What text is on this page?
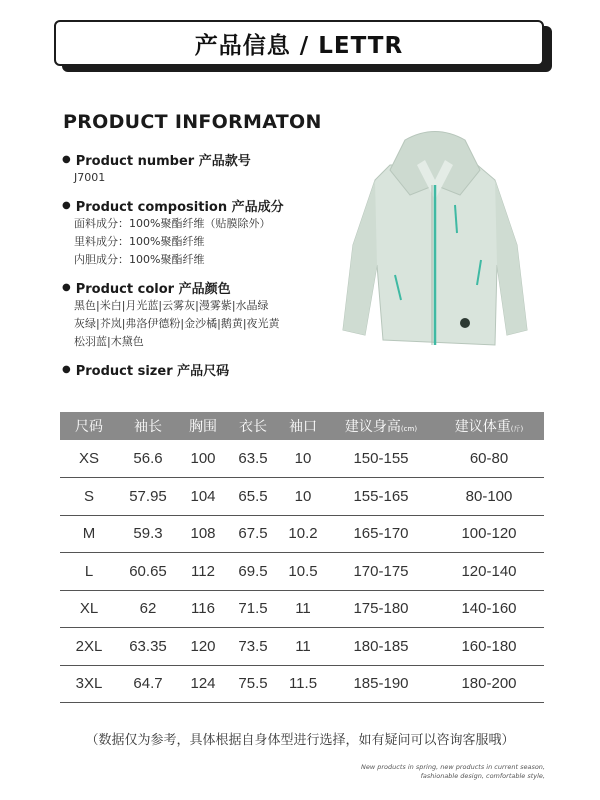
产品信息 / LETTR
PRODUCT INFORMATON
● Product number 产品款号
J7001
● Product composition 产品成分
面料成分：100%聚酯纤维（贴膜除外）
里料成分：100%聚酯纤维
内胆成分：100%聚酯纤维
● Product color 产品颜色
黑色|米白|月光蓝|云雾灰|漫雾紫|水晶绿
灰绿|芥岚|弗洛伊德粉|金沙橘|鹅黄|夜光黄
松羽蓝|木黛色
● Product sizer 产品尺码
尺码	袖长	胸围	衣长	袖口	建议身高(cm)	建议体重(斤)
XS	56.6	100	63.5	10	150-155	60-80
S	57.95	104	65.5	10	155-165	80-100
M	59.3	108	67.5	10.2	165-170	100-120
L	60.65	112	69.5	10.5	170-175	120-140
XL	62	116	71.5	11	175-180	140-160
2XL	63.35	120	73.5	11	180-185	160-180
3XL	64.7	124	75.5	11.5	185-190	180-200
（数据仅为参考，具体根据自身体型进行选择，如有疑问可以咨询客服哦）
New products in spring, new products in current season,
fashionable design, comfortable style,
